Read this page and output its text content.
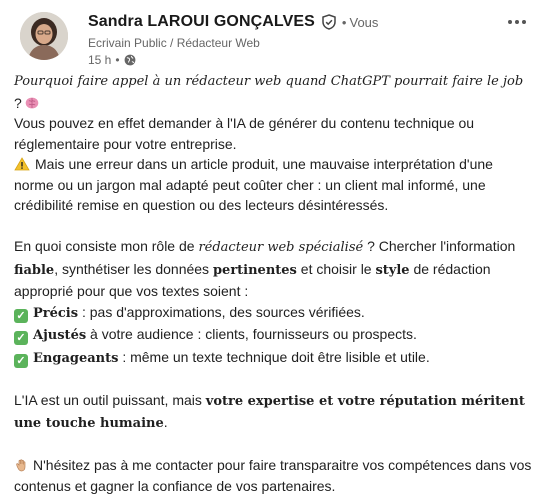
Sandra LAROUI GONÇALVES • Vous
Ecrivain Public / Rédacteur Web
15 h •

Pourquoi faire appel à un rédacteur web quand ChatGPT pourrait faire le job
?

Vous pouvez en effet demander à l'IA de générer du contenu technique ou réglementaire pour votre entreprise.

Mais une erreur dans un article produit, une mauvaise interprétation d'une norme ou un jargon mal adapté peut coûter cher : un client mal informé, une crédibilité remise en question ou des lecteurs désintéressés.

En quoi consiste mon rôle de rédacteur web spécialisé ? Chercher l'information fiable, synthétiser les données pertinentes et choisir le style de rédaction approprié pour que vos textes soient :

✓ Précis : pas d'approximations, des sources vérifiées.

✓ Ajustés à votre audience : clients, fournisseurs ou prospects.

✓ Engageants : même un texte technique doit être lisible et utile.

L'IA est un outil puissant, mais votre expertise et votre réputation méritent une touche humaine.

N'hésitez pas à me contacter pour faire transparaitre vos compétences dans vos contenus et gagner la confiance de vos partenaires.
